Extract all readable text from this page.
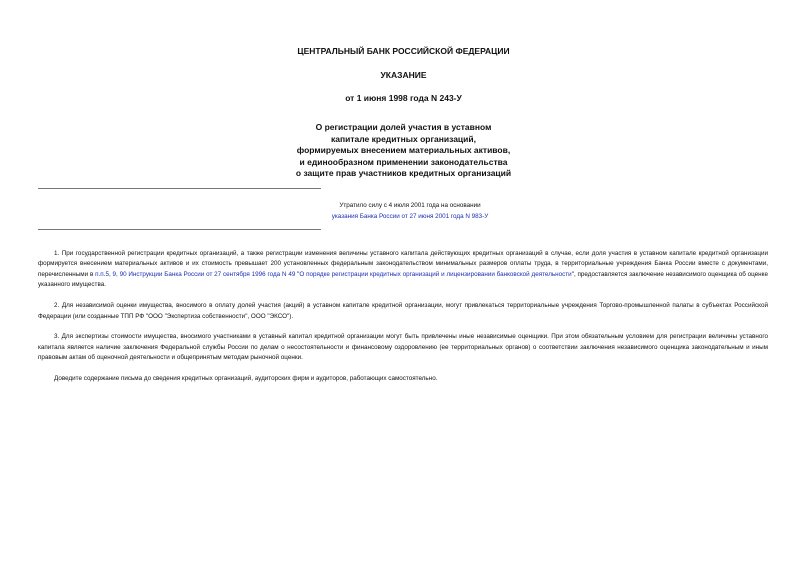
ЦЕНТРАЛЬНЫЙ БАНК РОССИЙСКОЙ ФЕДЕРАЦИИ
УКАЗАНИЕ
от 1 июня 1998 года N 243-У
О регистрации долей участия в уставном
капитале кредитных организаций,
формируемых внесением материальных активов,
и единообразном применении законодательства
о защите прав участников кредитных организаций
Утратило силу с 4 июля 2001 года на основании
указания Банка России от 27 июня 2001 года N 983-У

1. При государственной регистрации кредитных организаций, а также регистрации изменения величины уставного капитала действующих кредитных организаций в случае, если доля участия в уставном капитале кредитной организации формируется внесением материальных активов и их стоимость превышает 200 установленных федеральным законодательством минимальных размеров оплаты труда, в территориальные учреждения Банка России вместе с документами, перечисленными в п.п.5, 9, 90 Инструкции Банка России от 27 сентября 1996 года N 49 "О порядке регистрации кредитных организаций и лицензировании банковской деятельности", предоставляется заключение независимого оценщика об оценке указанного имущества.

2. Для независимой оценки имущества, вносимого в оплату долей участия (акций) в уставном капитале кредитной организации, могут привлекаться территориальные учреждения Торгово-промышленной палаты в субъектах Российской Федерации (или созданные ТПП РФ "ООО "Экспертиза собственности", ООО "ЭКСО").

3. Для экспертизы стоимости имущества, вносимого участниками в уставный капитал кредитной организации могут быть привлечены иные независимые оценщики. При этом обязательным условием для регистрации величины уставного капитала является наличие заключения Федеральной службы России по делам о несостоятельности и финансовому оздоровлению (ее территориальных органов) о соответствии заключения независимого оценщика законодательным и иным правовым актам об оценочной деятельности и общепринятым методам рыночной оценки.

Доведите содержание письма до сведения кредитных организаций, аудиторских фирм и аудиторов, работающих самостоятельно.
